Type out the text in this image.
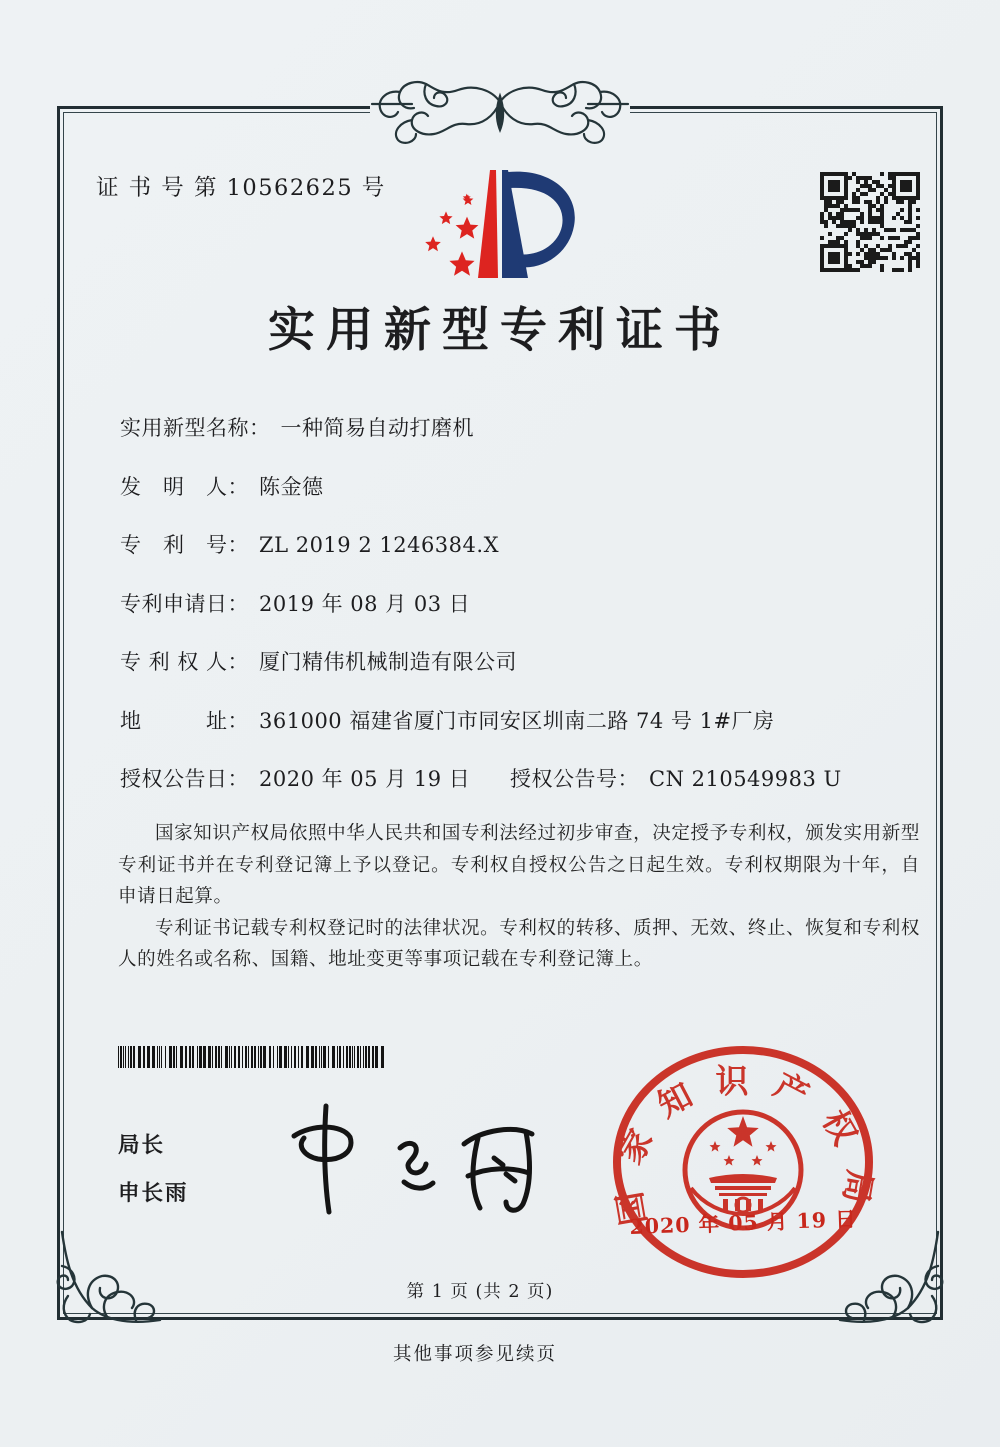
证 书 号 第 10562625 号
实用新型专利证书
实用新型名称： 一种简易自动打磨机
发　明　人： 陈金德
专　利　号： ZL 2019 2 1246384.X
专利申请日： 2019 年 08 月 03 日
专 利 权 人： 厦门精伟机械制造有限公司
地　　　址： 361000 福建省厦门市同安区圳南二路 74 号 1#厂房
授权公告日： 2020 年 05 月 19 日 授权公告号： CN 210549983 U

国家知识产权局依照中华人民共和国专利法经过初步审查，决定授予专利权，颁发实用新型专利证书并在专利登记簿上予以登记。专利权自授权公告之日起生效。专利权期限为十年，自申请日起算。

专利证书记载专利权登记时的法律状况。专利权的转移、质押、无效、终止、恢复和专利权人的姓名或名称、国籍、地址变更等事项记载在专利登记簿上。

局长
申长雨	国家知识产权局
2020 年 05 月 19 日
第 1 页 (共 2 页)
其他事项参见续页
